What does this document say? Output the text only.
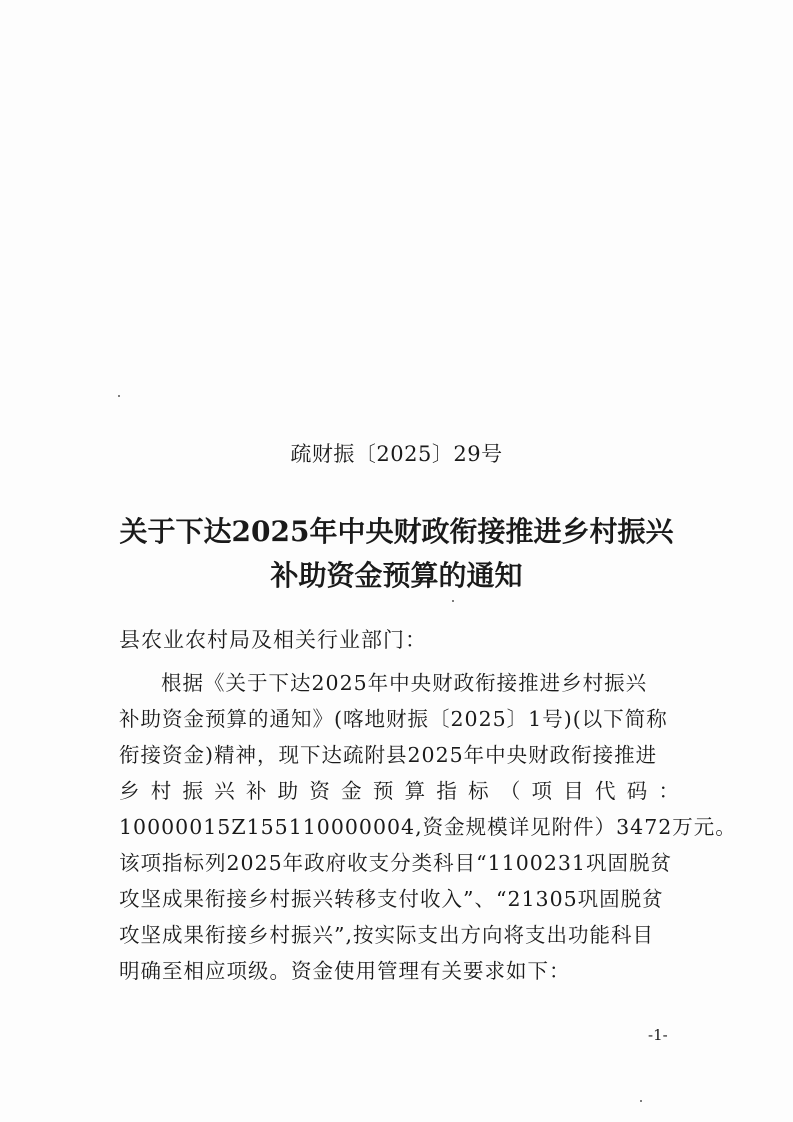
疏财振〔2025〕29号
关于下达2025年中央财政衔接推进乡村振兴
补助资金预算的通知
县农业农村局及相关行业部门：
根据《关于下达2025年中央财政衔接推进乡村振兴
补助资金预算的通知》(喀地财振〔2025〕1号)(以下简称
衔接资金)精神，现下达疏附县2025年中央财政衔接推进
乡村振兴补助资金预算指标（项目代码：
10000015Z155110000004,资金规模详见附件）3472万元。
该项指标列2025年政府收支分类科目“1100231巩固脱贫
攻坚成果衔接乡村振兴转移支付收入”、“21305巩固脱贫
攻坚成果衔接乡村振兴”,按实际支出方向将支出功能科目
明确至相应项级。资金使用管理有关要求如下：
-1-
